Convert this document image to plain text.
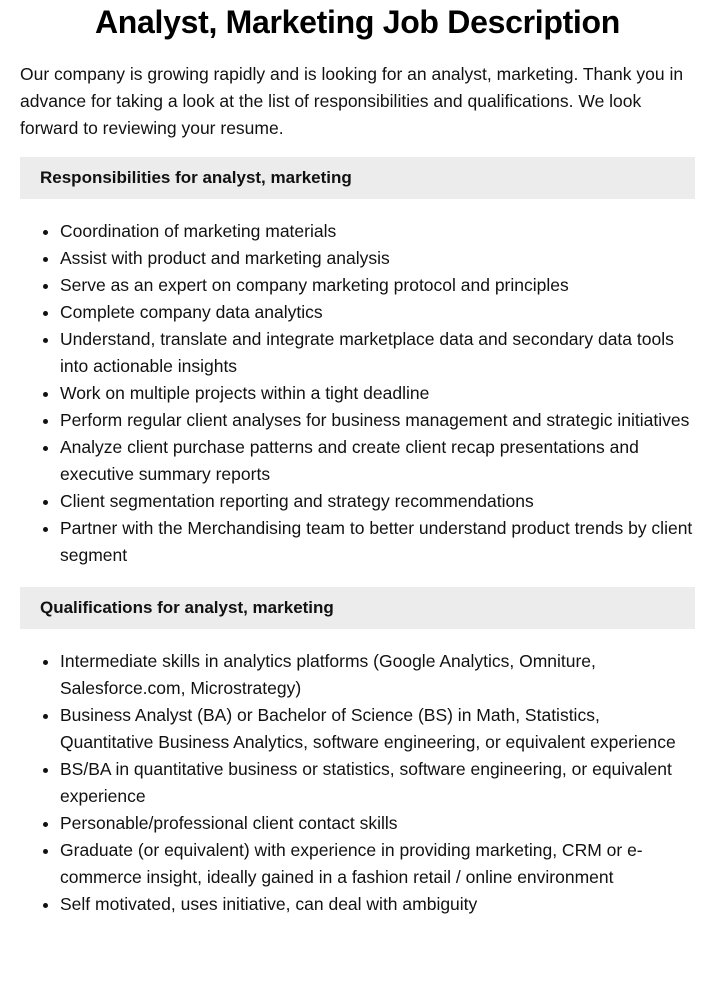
Analyst, Marketing Job Description

Our company is growing rapidly and is looking for an analyst, marketing. Thank you in advance for taking a look at the list of responsibilities and qualifications. We look forward to reviewing your resume.

Responsibilities for analyst, marketing
• Coordination of marketing materials
• Assist with product and marketing analysis
• Serve as an expert on company marketing protocol and principles
• Complete company data analytics
• Understand, translate and integrate marketplace data and secondary data tools into actionable insights
• Work on multiple projects within a tight deadline
• Perform regular client analyses for business management and strategic initiatives
• Analyze client purchase patterns and create client recap presentations and executive summary reports
• Client segmentation reporting and strategy recommendations
• Partner with the Merchandising team to better understand product trends by client segment
Qualifications for analyst, marketing
• Intermediate skills in analytics platforms (Google Analytics, Omniture, Salesforce.com, Microstrategy)
• Business Analyst (BA) or Bachelor of Science (BS) in Math, Statistics, Quantitative Business Analytics, software engineering, or equivalent experience
• BS/BA in quantitative business or statistics, software engineering, or equivalent experience
• Personable/professional client contact skills
• Graduate (or equivalent) with experience in providing marketing, CRM or e-commerce insight, ideally gained in a fashion retail / online environment
• Self motivated, uses initiative, can deal with ambiguity
